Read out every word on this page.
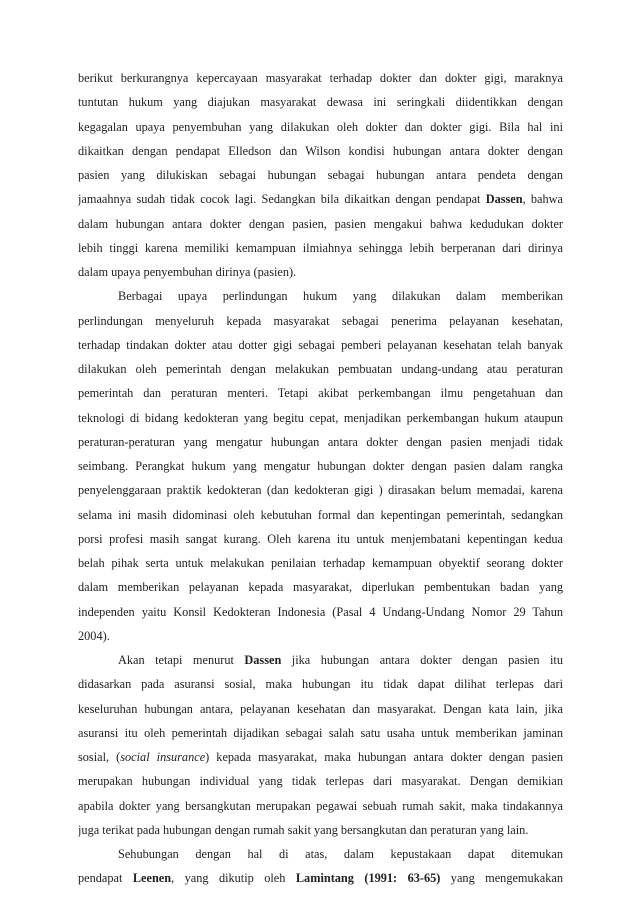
berikut berkurangnya kepercayaan masyarakat terhadap dokter dan dokter gigi, maraknya
tuntutan hukum yang diajukan masyarakat dewasa ini seringkali diidentikkan dengan
kegagalan upaya penyembuhan yang dilakukan oleh dokter dan dokter gigi. Bila hal ini
dikaitkan dengan pendapat Elledson dan Wilson kondisi hubungan antara dokter dengan
pasien yang dilukiskan sebagai hubungan sebagai hubungan antara pendeta dengan
jamaahnya sudah tidak cocok lagi. Sedangkan bila dikaitkan dengan pendapat Dassen, bahwa
dalam hubungan antara dokter dengan pasien, pasien mengakui bahwa kedudukan dokter
lebih tinggi karena memiliki kemampuan ilmiahnya sehingga lebih berperanan dari dirinya
dalam upaya penyembuhan dirinya (pasien).
Berbagai upaya perlindungan hukum yang dilakukan dalam memberikan
perlindungan menyeluruh kepada masyarakat sebagai penerima pelayanan kesehatan,
terhadap tindakan dokter atau dotter gigi sebagai pemberi pelayanan kesehatan telah banyak
dilakukan oleh pemerintah dengan melakukan pembuatan undang-undang atau peraturan
pemerintah dan peraturan menteri. Tetapi akibat perkembangan ilmu pengetahuan dan
teknologi di bidang kedokteran yang begitu cepat, menjadikan perkembangan hukum ataupun
peraturan-peraturan yang mengatur hubungan antara dokter dengan pasien menjadi tidak
seimbang. Perangkat hukum yang mengatur hubungan dokter dengan pasien dalam rangka
penyelenggaraan praktik kedokteran (dan kedokteran gigi ) dirasakan belum memadai, karena
selama ini masih didominasi oleh kebutuhan formal dan kepentingan pemerintah, sedangkan
porsi profesi masih sangat kurang. Oleh karena itu untuk menjembatani kepentingan kedua
belah pihak serta untuk melakukan penilaian terhadap kemampuan obyektif seorang dokter
dalam memberikan pelayanan kepada masyarakat, diperlukan pembentukan badan yang
independen yaitu Konsil Kedokteran Indonesia (Pasal 4 Undang-Undang Nomor 29 Tahun
2004).
Akan tetapi menurut Dassen jika hubungan antara dokter dengan pasien itu
didasarkan pada asuransi sosial, maka hubungan itu tidak dapat dilihat terlepas dari
keseluruhan hubungan antara, pelayanan kesehatan dan masyarakat. Dengan kata lain, jika
asuransi itu oleh pemerintah dijadikan sebagai salah satu usaha untuk memberikan jaminan
sosial, (social insurance) kepada masyarakat, maka hubungan antara dokter dengan pasien
merupakan hubungan individual yang tidak terlepas dari masyarakat. Dengan demikian
apabila dokter yang bersangkutan merupakan pegawai sebuah rumah sakit, maka tindakannya
juga terikat pada hubungan dengan rumah sakit yang bersangkutan dan peraturan yang lain.
Sehubungan dengan hal di atas, dalam kepustakaan dapat ditemukan
pendapat Leenen, yang dikutip oleh Lamintang (1991: 63-65) yang mengemukakan
